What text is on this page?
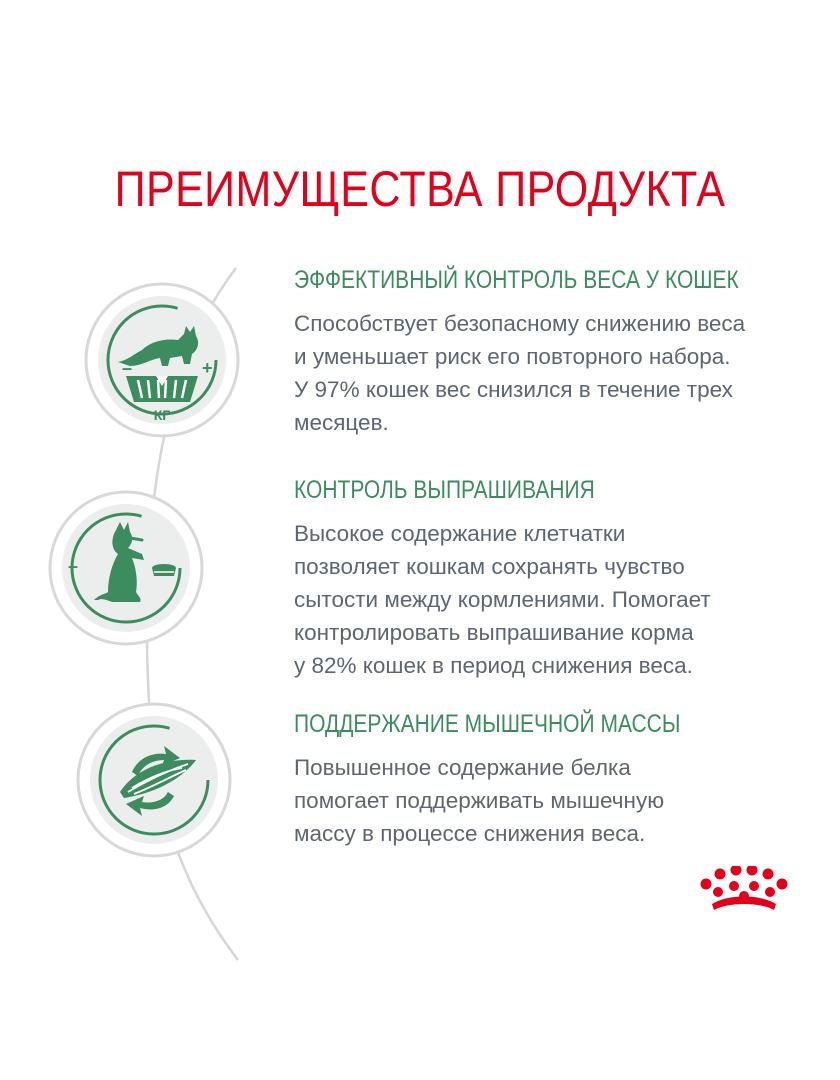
ПРЕИМУЩЕСТВА ПРОДУКТА
–	+
КГ
ЭФФЕКТИВНЫЙ КОНТРОЛЬ ВЕСА У КОШЕК
Способствует безопасному снижению веса
и уменьшает риск его повторного набора.
У 97% кошек вес снизился в течение трех
месяцев.
–
КОНТРОЛЬ ВЫПРАШИВАНИЯ
Высокое содержание клетчатки
позволяет кошкам сохранять чувство
сытости между кормлениями. Помогает
контролировать выпрашивание корма
у 82% кошек в период снижения веса.
ПОДДЕРЖАНИЕ МЫШЕЧНОЙ МАССЫ
Повышенное содержание белка
помогает поддерживать мышечную
массу в процессе снижения веса.
